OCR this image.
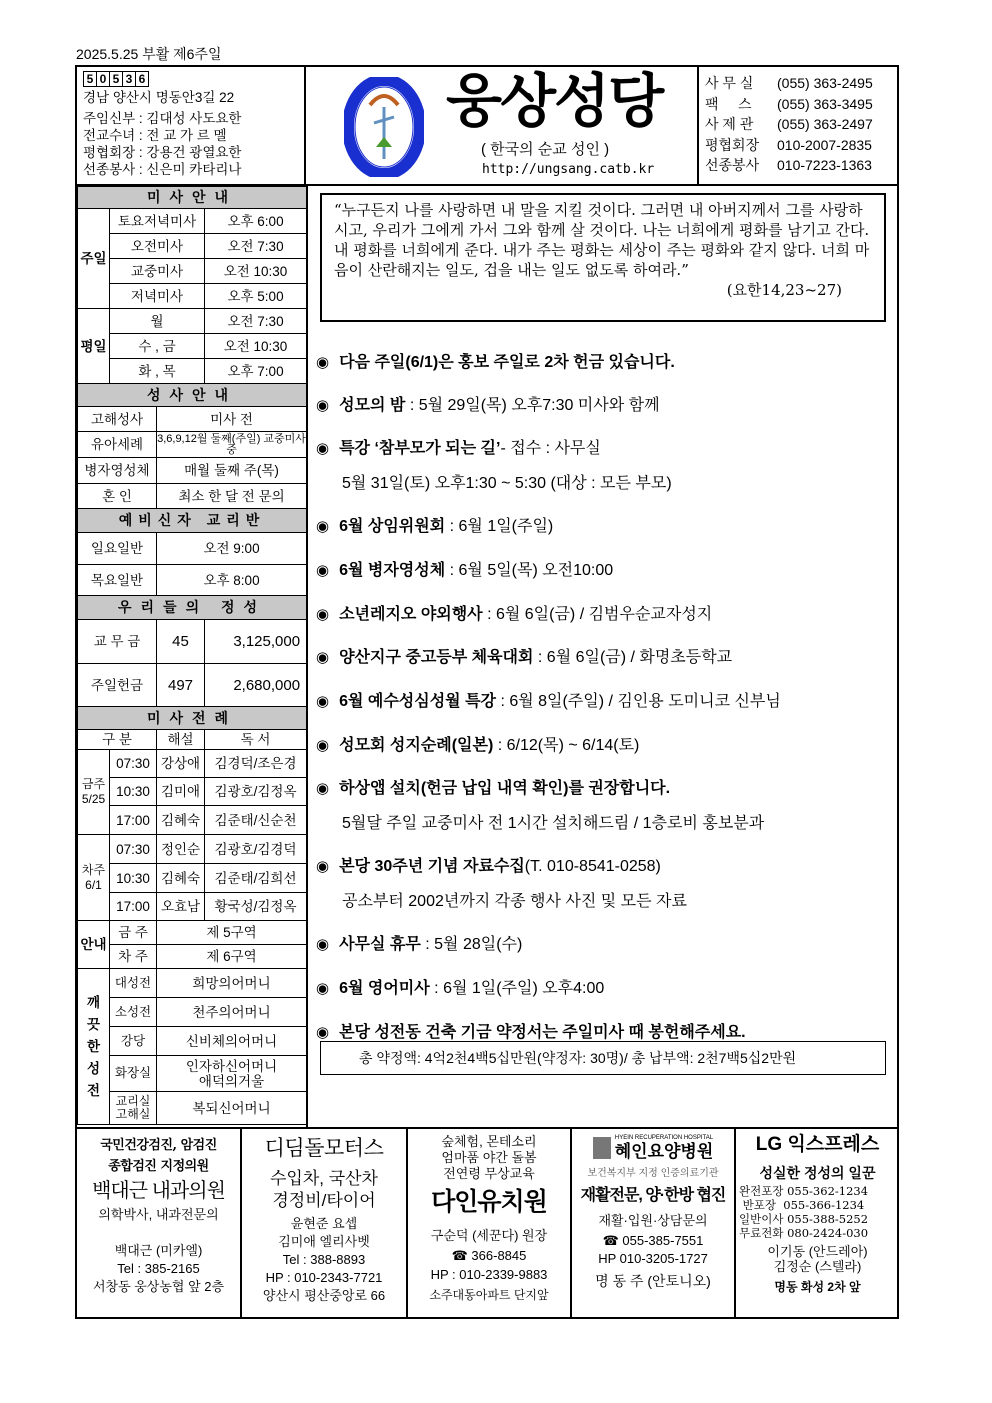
2025.5.25 부활 제6주일
5 0 5 3 6
경남 양산시 명동안3길 22
주임신부 : 김대성 사도요한
전교수녀 : 전 교 가 르 멜
평협회장 : 강용건 광열요한
선종봉사 : 신은미 카타리나
웅상성당
( 한국의 순교 성인 )
http://ungsang.catb.kr
사 무 실	(055) 363-2495
팩     스	(055) 363-3495
사 제 관	(055) 363-2497
평협회장	010-2007-2835
선종봉사	010-7223-1363
미사안내			
주일	토요저녁미사		오후 6:00
	오전미사		오전 7:30
	교중미사		오전 10:30
	저녁미사		오후 5:00
평일	월		오전 7:30
	수 , 금		오전 10:30
	화 , 목		오후 7:00
성사안내			
고해성사		미사 전	
유아세례		3,6,9,12월 둘째(주일) 교중미사 중	
병자영성체		매월 둘째 주(목)	
혼 인		최소 한 달 전 문의	
예비신자 교리반			
일요일반		오전 9:00	
목요일반		오후 8:00	
우리들의 정성			
교 무 금		45	3,125,000
주일헌금		497	2,680,000
미사전례			
구 분		해설	독 서
금주 5/25	07:30	강상애	김경덕/조은경
	10:30	김미애	김광호/김정옥
	17:00	김혜숙	김준태/신순천
차주 6/1	07:30	정인순	김광호/김경덕
	10:30	김혜숙	김준태/김희선
	17:00	오효남	황국성/김정옥
안내	금 주	제 5구역	
	차 주	제 6구역	
깨끗한성전	대성전	희망의어머니	
	소성전	천주의어머니	
	강당	신비체의어머니	
	화장실	인자하신어머니 애덕의거울	
	교리실 고해실	복되신어머니	
“누구든지 나를 사랑하면 내 말을 지킬 것이다. 그러면 내 아버지께서 그를 사랑하시고, 우리가 그에게 가서 그와 함께 살 것이다. 나는 너희에게 평화를 남기고 간다. 내 평화를 너희에게 준다. 내가 주는 평화는 세상이 주는 평화와 같지 않다. 너희 마음이 산란해지는 일도, 겁을 내는 일도 없도록 하여라.”
(요한14,23~27)
◉ 다음 주일(6/1)은 홍보 주일로 2차 헌금 있습니다.
◉ 성모의 밤 : 5월 29일(목) 오후7:30 미사와 함께
◉ 특강 ‘참부모가 되는 길’- 접수 : 사무실
5월 31일(토) 오후1:30 ~ 5:30 (대상 : 모든 부모)
◉ 6월 상임위원회 : 6월 1일(주일)
◉ 6월 병자영성체 : 6월 5일(목) 오전10:00
◉ 소년레지오 야외행사 : 6월 6일(금) / 김범우순교자성지
◉ 양산지구 중고등부 체육대회 : 6월 6일(금) / 화명초등학교
◉ 6월 예수성심성월 특강 : 6월 8일(주일) / 김인용 도미니코 신부님
◉ 성모회 성지순례(일본) : 6/12(목) ~ 6/14(토)
◉ 하상앱 설치(헌금 납입 내역 확인)를 권장합니다.
5월달 주일 교중미사 전 1시간 설치해드림 / 1층로비 홍보분과
◉ 본당 30주년 기념 자료수집(T. 010-8541-0258)
공소부터 2002년까지 각종 행사 사진 및 모든 자료
◉ 사무실 휴무 : 5월 28일(수)
◉ 6월 영어미사 : 6월 1일(주일) 오후4:00
◉ 본당 성전동 건축 기금 약정서는 주일미사 때 봉헌해주세요.
총 약정액: 4억2천4백5십만원(약정자: 30명)/ 총 납부액: 2천7백5십2만원
국민건강검진, 암검진
종합검진 지정의원
백대근 내과의원
의학박사, 내과전문의
백대근 (미카엘)
Tel : 385-2165
서창동 웅상농협 앞 2층
디딤돌모터스
수입차, 국산차
경정비/타이어
윤현준 요셉
김미애 엘리사벳
Tel : 388-8893
HP : 010-2343-7721
양산시 평산중앙로 66
숲체험, 몬테소리
엄마품 야간 돌봄
전연령 무상교육
다인유치원
구순덕 (세꾼다) 원장
☎ 366-8845
HP : 010-2339-9883
소주대동아파트 단지앞
HYEIN RECUPERATION HOSPITAL
혜인요양병원
보건복지부 지정 인증의료기관
재활전문, 양·한방 협진
재활·입원·상담문의
☎ 055-385-7551
HP 010-3205-1727
명 동 주 (안토니오)
LG 익스프레스
성실한 정성의 일꾼
완전포장 055-362-1234
반포장 055-366-1234
일반이사 055-388-5252
무료전화 080-2424-030
이기동 (안드레아)
김정순 (스텔라)
명동 화성 2차 앞
